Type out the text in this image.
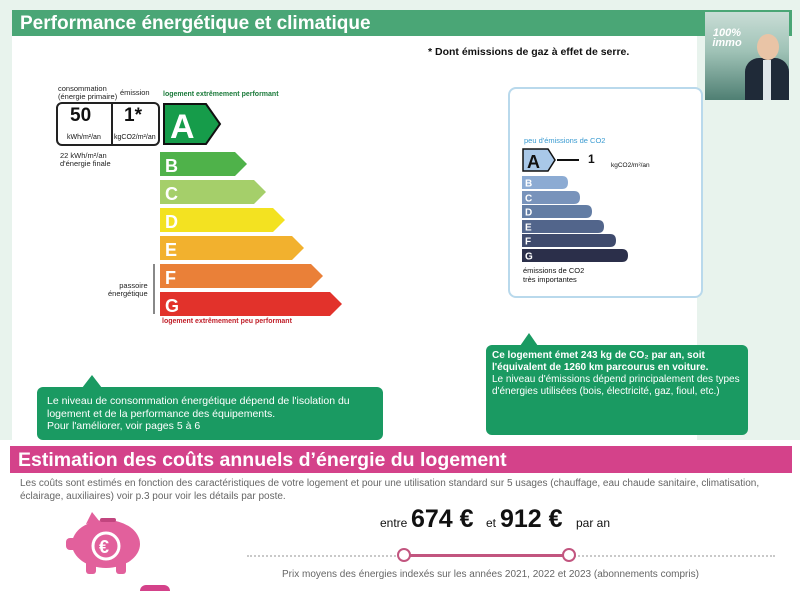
Performance énergétique et climatique
* Dont émissions de gaz à effet de serre.
100%
immo
consommation
(énergie primaire) émission logement extrêmement performant
50
kWh/m²/an
1*
kgCO2/m²/an
22 kWh/m²/an
d'énergie finale
A
B
C
D
E
F
G
passoire
énergétique
logement extrêmement peu performant
peu d'émissions de CO2
A	1	kgCO2/m²/an
B
C
D
E
F
G
émissions de CO2
très importantes
Le niveau de consommation énergétique dépend de l'isolation du logement et de la performance des équipements.
Pour l'améliorer, voir pages 5 à 6
Ce logement émet 243 kg de CO₂ par an, soit l'équivalent de 1260 km parcourus en voiture.
Le niveau d'émissions dépend principalement des types d'énergies utilisées (bois, électricité, gaz, fioul, etc.)
Estimation des coûts annuels d’énergie du logement
Les coûts sont estimés en fonction des caractéristiques de votre logement et pour une utilisation standard sur 5 usages (chauffage, eau chaude sanitaire, climatisation, éclairage, auxiliaires) voir p.3 pour voir les détails par poste.
€
entre 674 € et 912 € par an
Prix moyens des énergies indexés sur les années 2021, 2022 et 2023 (abonnements compris)
